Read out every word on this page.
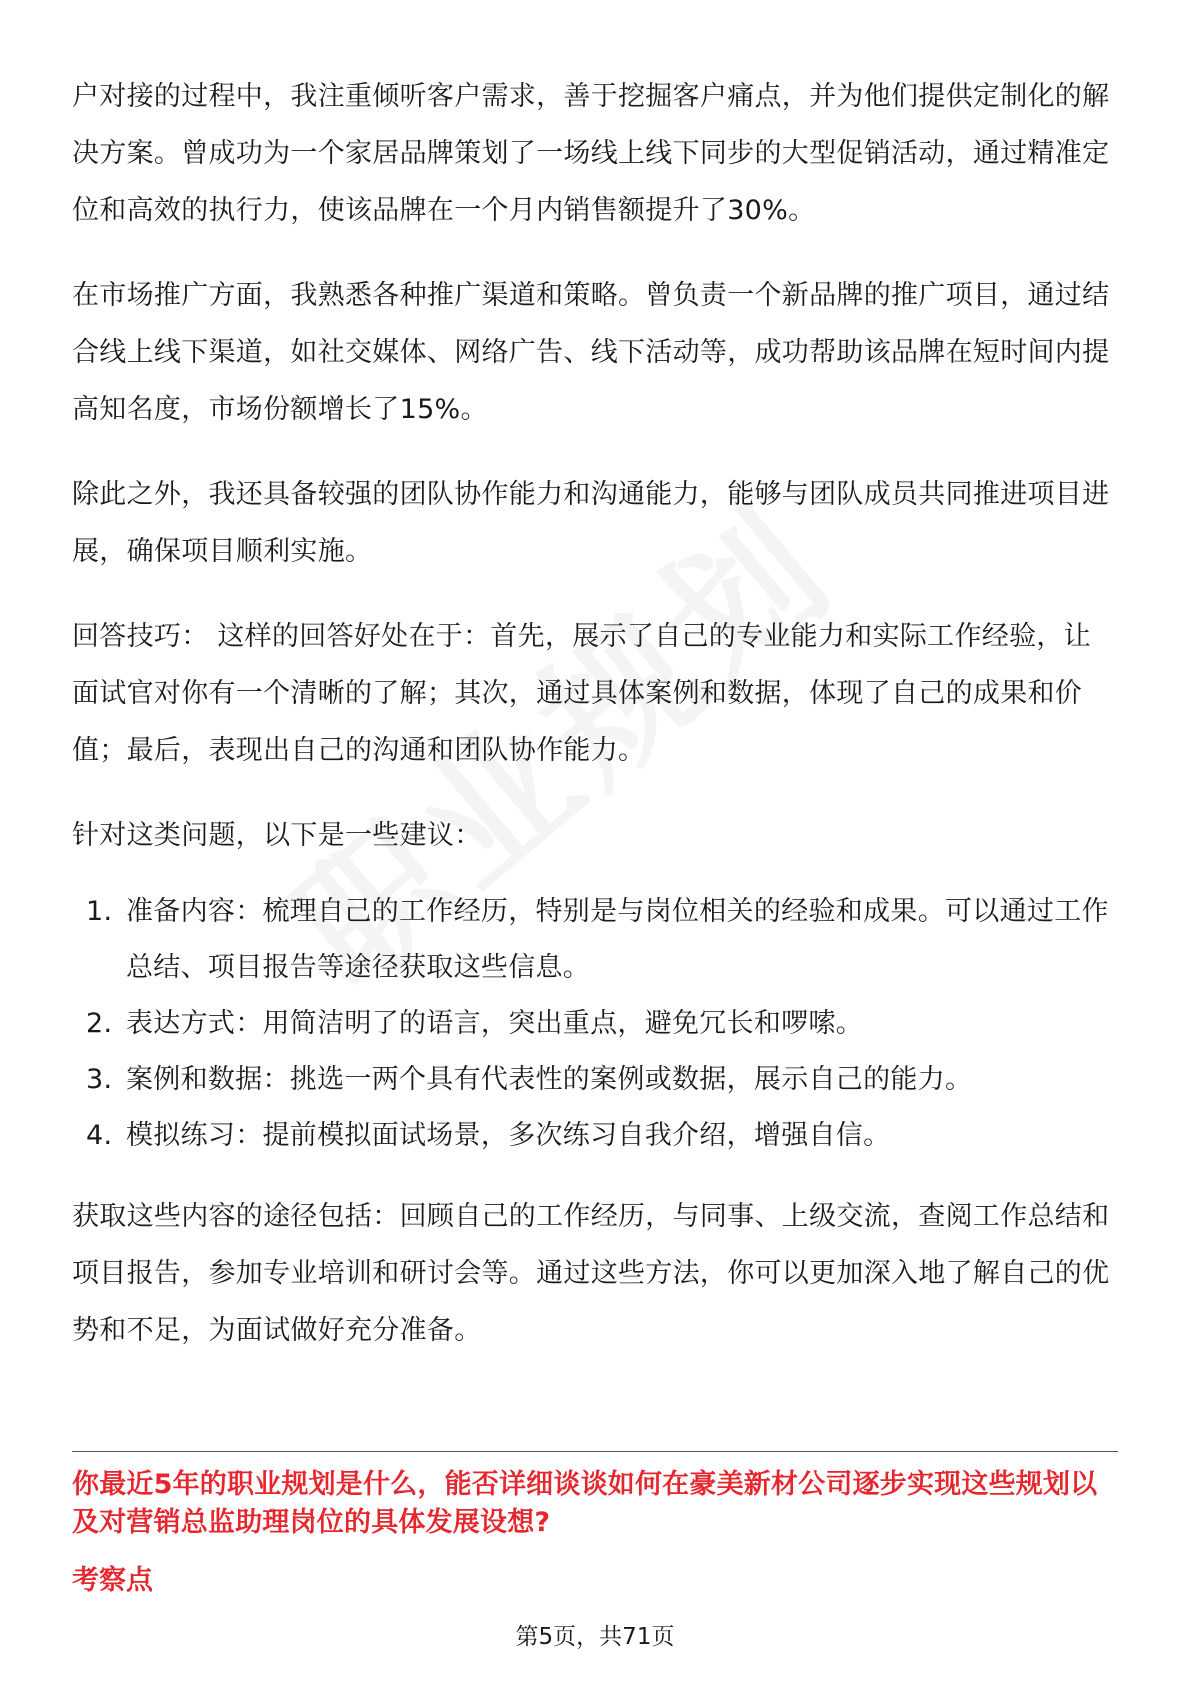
户对接的过程中，我注重倾听客户需求，善于挖掘客户痛点，并为他们提供定制化的解决方案。曾成功为一个家居品牌策划了一场线上线下同步的大型促销活动，通过精准定位和高效的执行力，使该品牌在一个月内销售额提升了30%。

在市场推广方面，我熟悉各种推广渠道和策略。曾负责一个新品牌的推广项目，通过结合线上线下渠道，如社交媒体、网络广告、线下活动等，成功帮助该品牌在短时间内提高知名度，市场份额增长了15%。

除此之外，我还具备较强的团队协作能力和沟通能力，能够与团队成员共同推进项目进展，确保项目顺利实施。

回答技巧： 这样的回答好处在于：首先，展示了自己的专业能力和实际工作经验，让面试官对你有一个清晰的了解；其次，通过具体案例和数据，体现了自己的成果和价值；最后，表现出自己的沟通和团队协作能力。

针对这类问题，以下是一些建议：

1. 准备内容：梳理自己的工作经历，特别是与岗位相关的经验和成果。可以通过工作总结、项目报告等途径获取这些信息。
2. 表达方式：用简洁明了的语言，突出重点，避免冗长和啰嗦。
3. 案例和数据：挑选一两个具有代表性的案例或数据，展示自己的能力。
4. 模拟练习：提前模拟面试场景，多次练习自我介绍，增强自信。

获取这些内容的途径包括：回顾自己的工作经历，与同事、上级交流，查阅工作总结和项目报告，参加专业培训和研讨会等。通过这些方法，你可以更加深入地了解自己的优势和不足，为面试做好充分准备。

你最近5年的职业规划是什么，能否详细谈谈如何在豪美新材公司逐步实现这些规划以及对营销总监助理岗位的具体发展设想?
考察点
第5页，共71页
